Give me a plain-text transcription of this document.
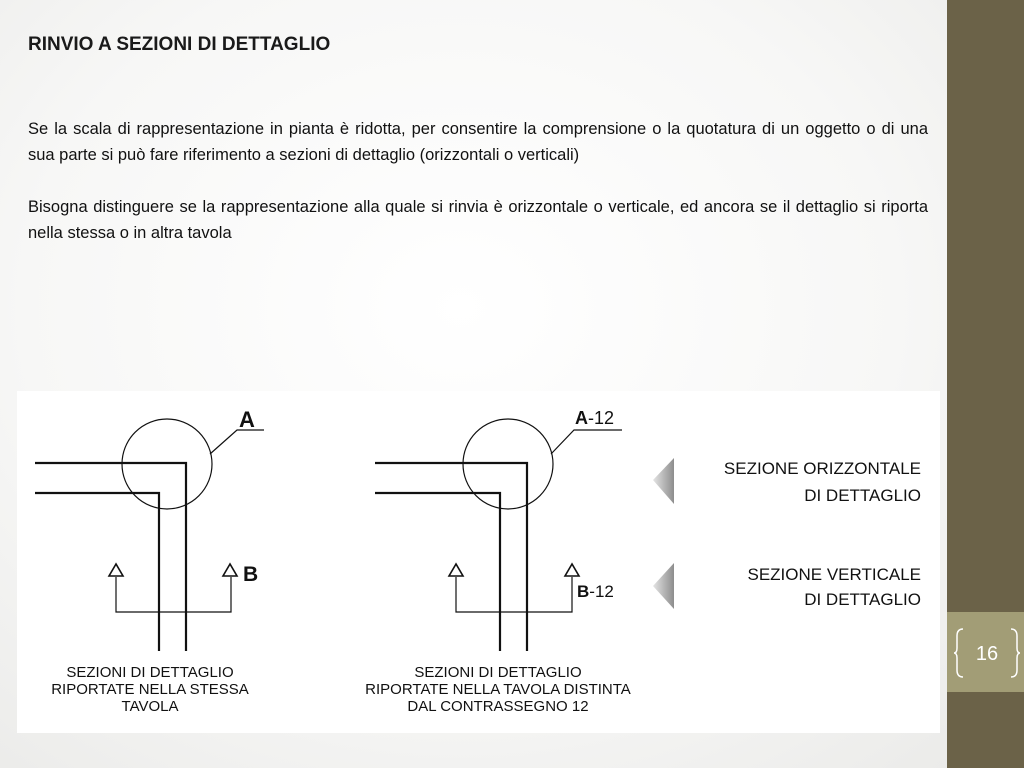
16
RINVIO A SEZIONI DI DETTAGLIO

Se la scala di rappresentazione in pianta è ridotta, per consentire la comprensione o la quotatura di un oggetto o di una sua parte si può fare riferimento a sezioni di dettaglio (orizzontali o verticali)

Bisogna distinguere se la rappresentazione alla quale si rinvia è orizzontale o verticale, ed ancora se il dettaglio si riporta nella stessa o in altra tavola

A
B
SEZIONI DI DETTAGLIO
RIPORTATE NELLA STESSA
TAVOLA
A-12
B-12
SEZIONI DI DETTAGLIO
RIPORTATE NELLA TAVOLA DISTINTA
DAL CONTRASSEGNO 12
SEZIONE ORIZZONTALE
DI DETTAGLIO
SEZIONE VERTICALE
DI DETTAGLIO
